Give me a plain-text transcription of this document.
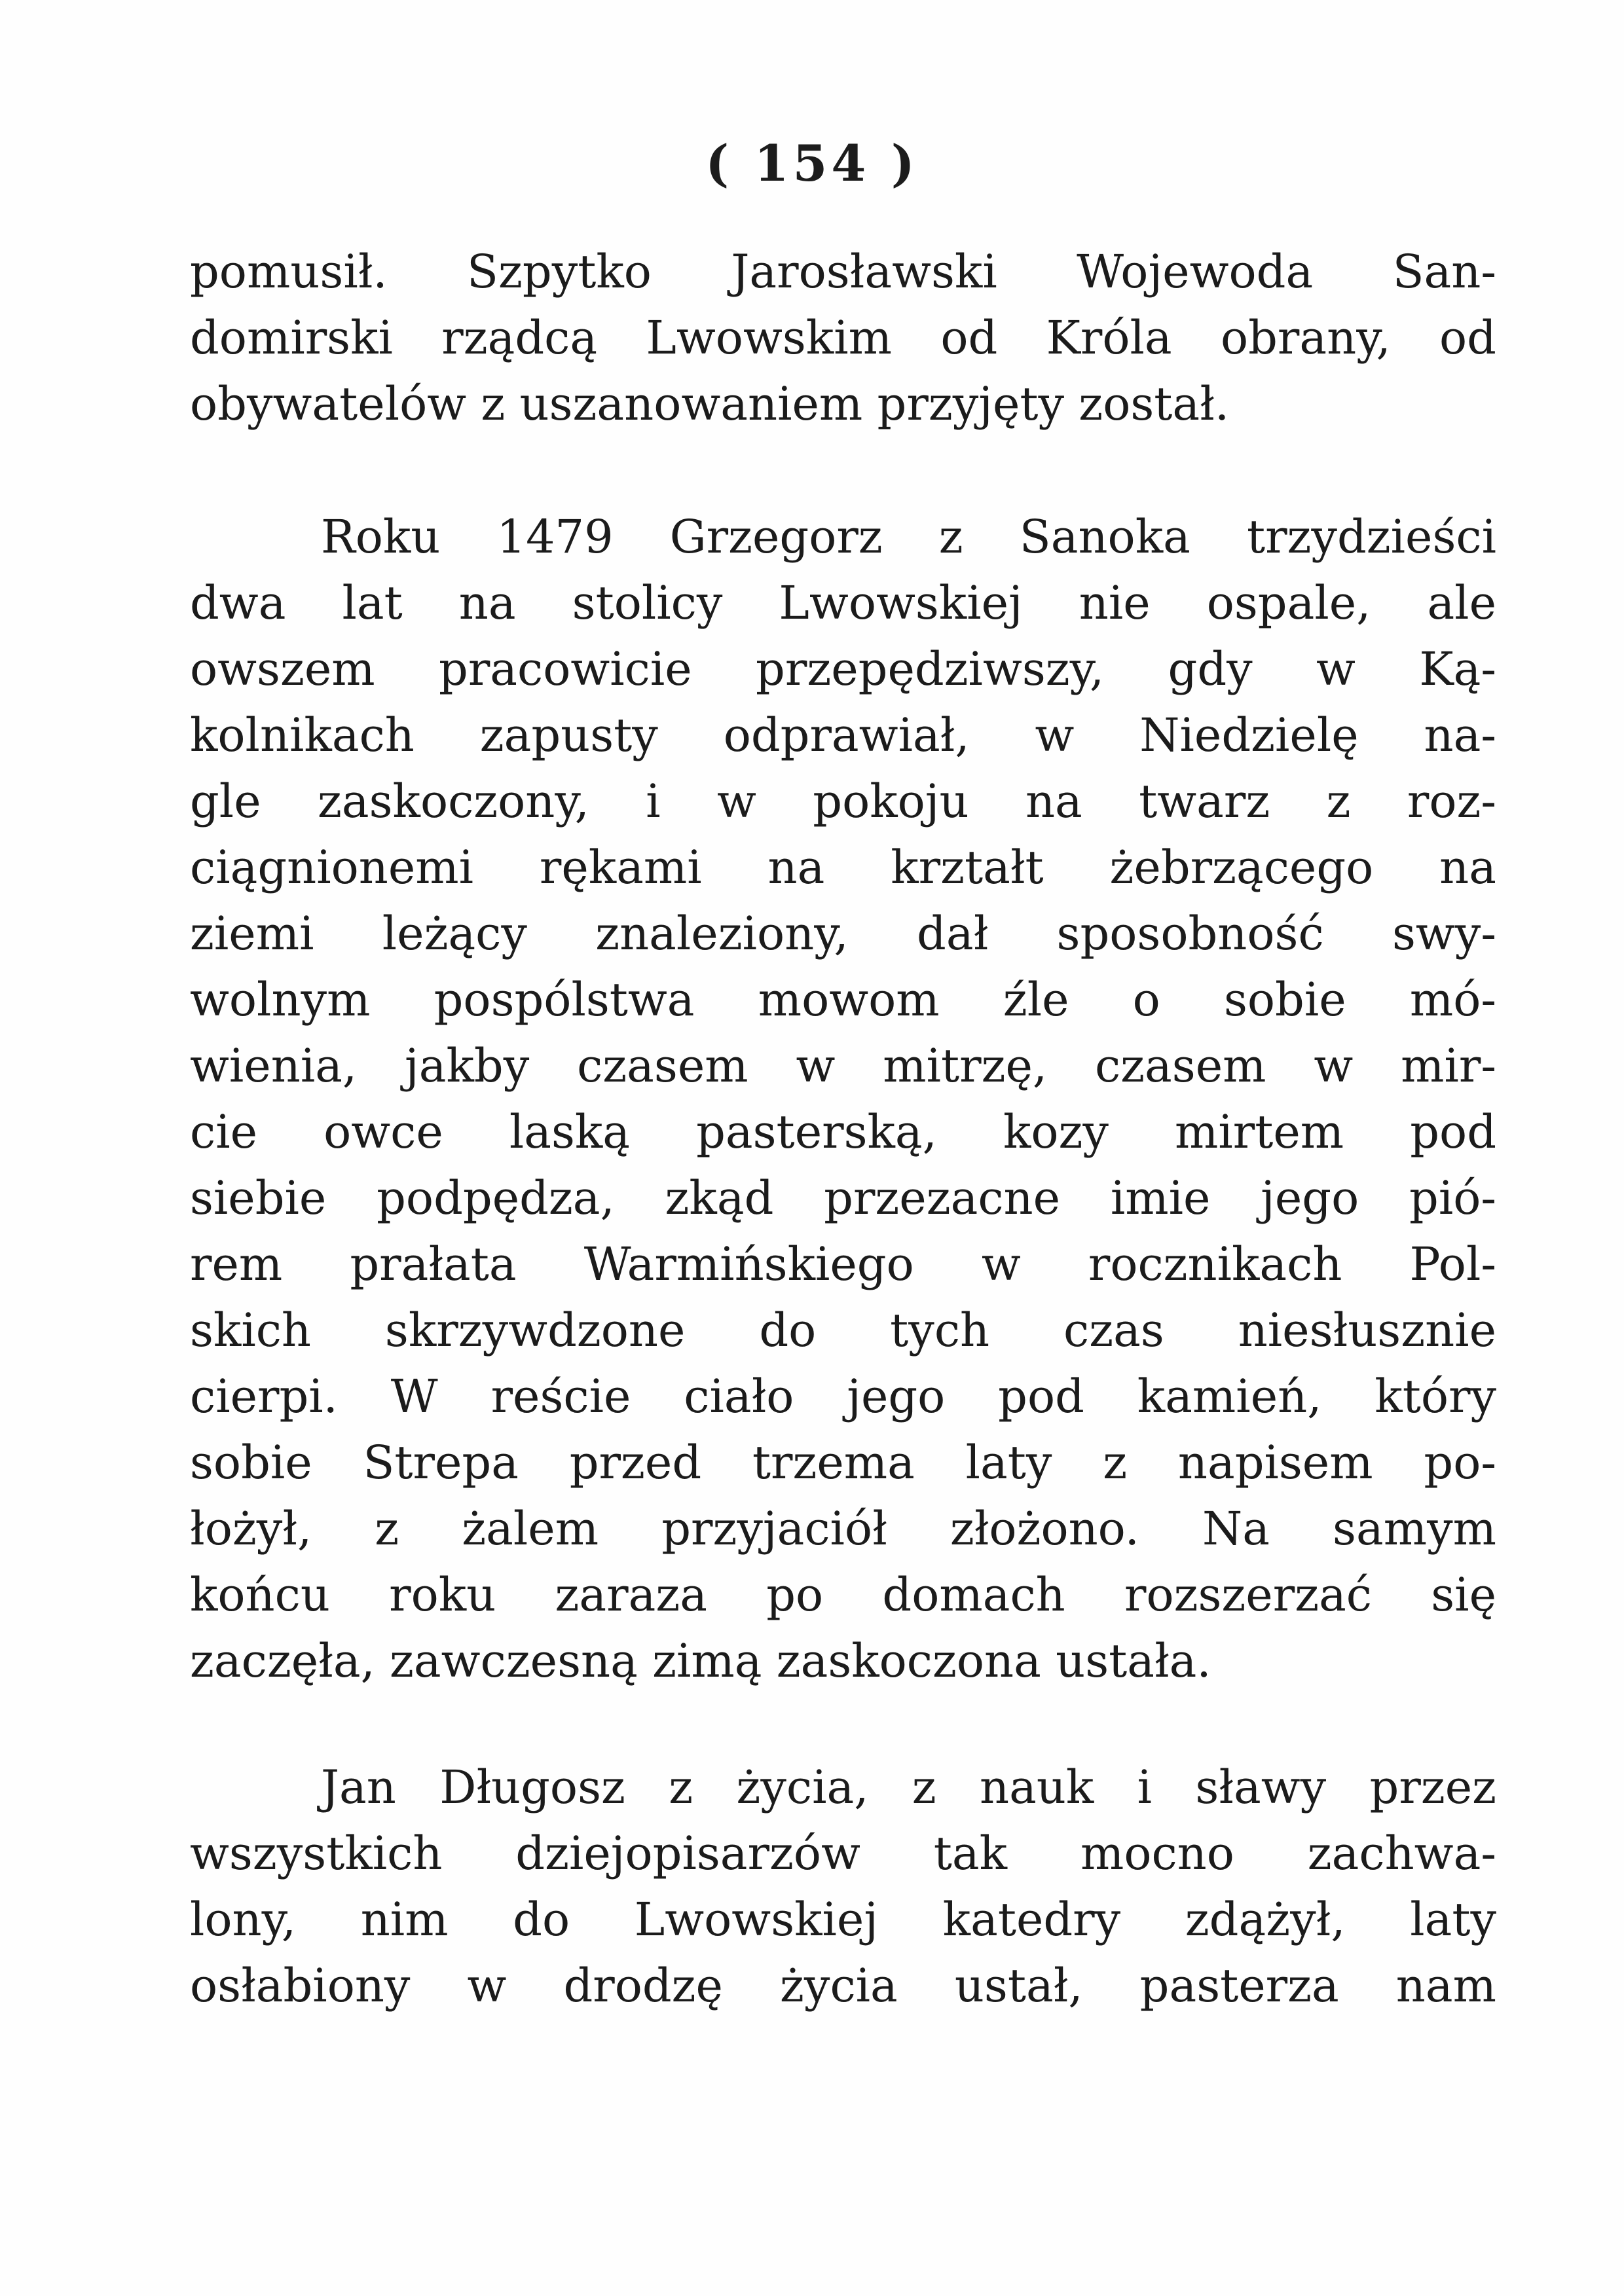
( 154 )
pomusił. Szpytko Jarosławski Wojewoda San-
domirski rządcą Lwowskim od Króla obrany, od
obywatelów z uszanowaniem przyjęty został.
Roku 1479 Grzegorz z Sanoka trzydzieści
dwa lat na stolicy Lwowskiej nie ospale, ale
owszem pracowicie przepędziwszy, gdy w Ką-
kolnikach zapusty odprawiał, w Niedzielę na-
gle zaskoczony, i w pokoju na twarz z roz-
ciągnionemi rękami na krztałt żebrzącego na
ziemi leżący znaleziony, dał sposobność swy-
wolnym pospólstwa mowom źle o sobie mó-
wienia, jakby czasem w mitrzę, czasem w mir-
cie owce laską pasterską, kozy mirtem pod
siebie podpędza, zkąd przezacne imie jego pió-
rem prałata Warmińskiego w rocznikach Pol-
skich skrzywdzone do tych czas niesłusznie
cierpi. W reście ciało jego pod kamień, który
sobie Strepa przed trzema laty z napisem po-
łożył, z żalem przyjaciół złożono. Na samym
końcu roku zaraza po domach rozszerzać się
zaczęła, zawczesną zimą zaskoczona ustała.
Jan Długosz z życia, z nauk i sławy przez
wszystkich dziejopisarzów tak mocno zachwa-
lony, nim do Lwowskiej katedry zdążył, laty
osłabiony w drodzę życia ustał, pasterza nam
